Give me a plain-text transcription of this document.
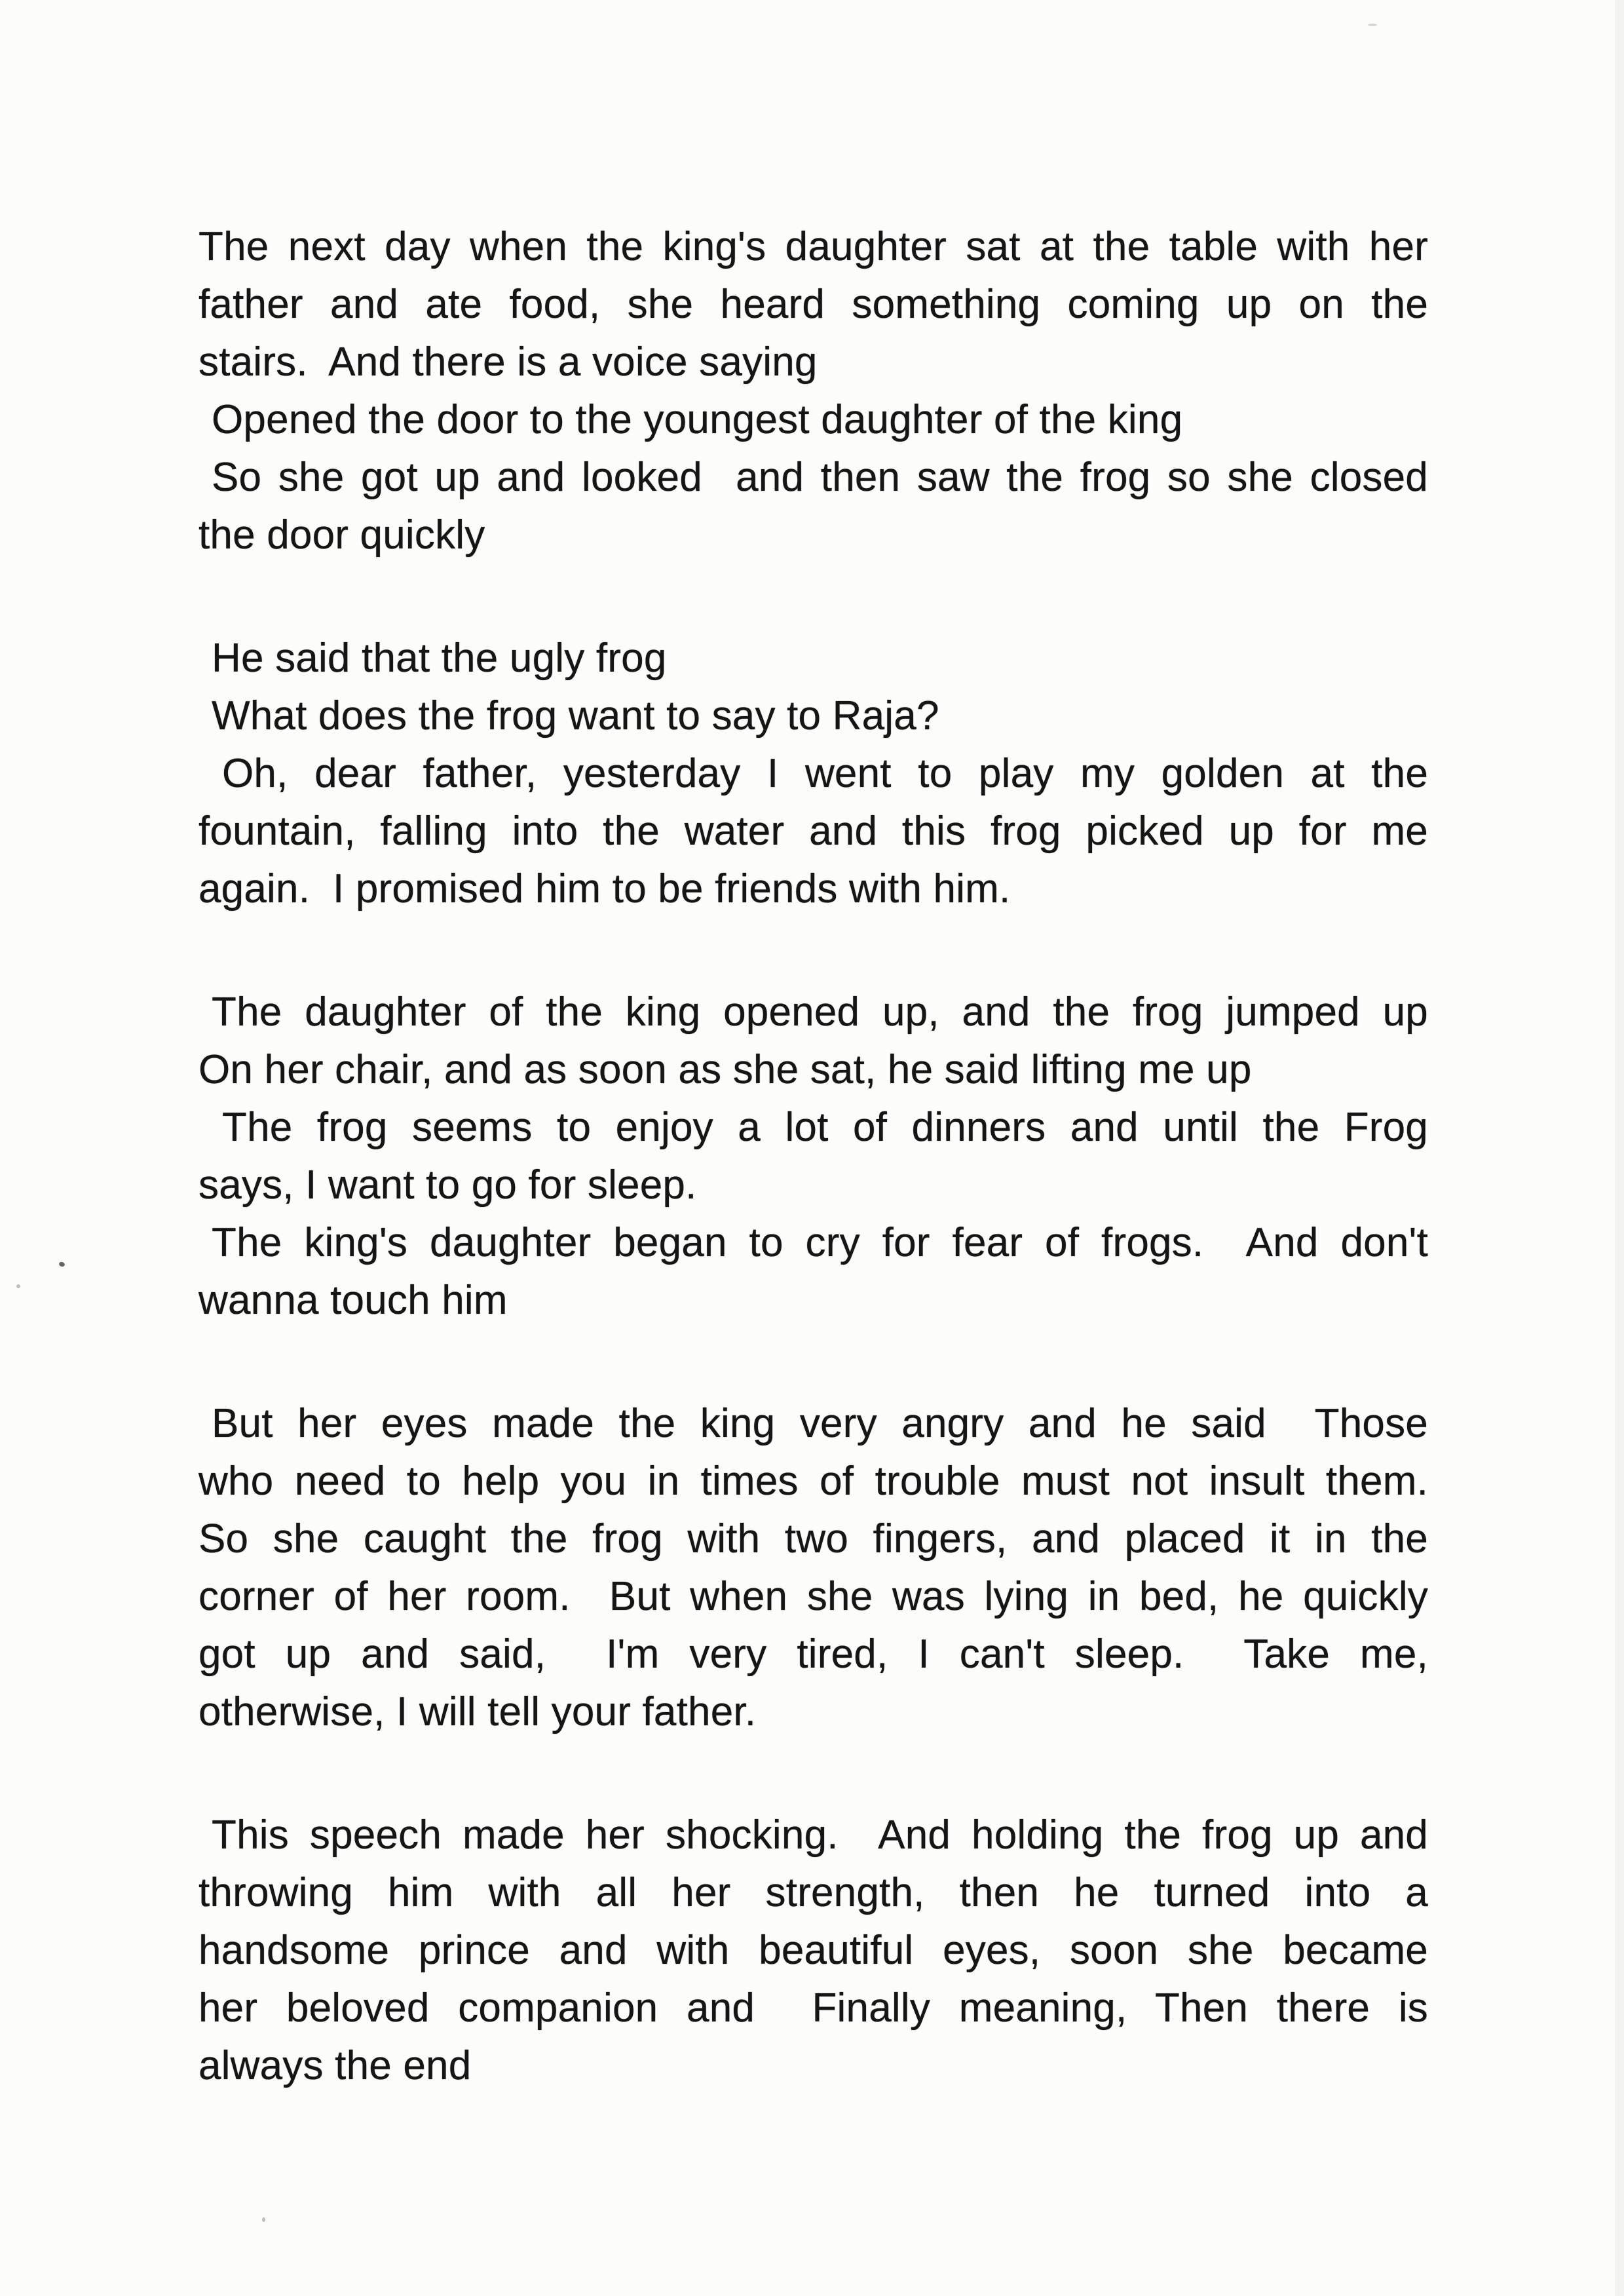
The next day when the king's daughter sat at the table with her
father and ate food, she heard something coming up on the
stairs.  And there is a voice saying
Opened the door to the youngest daughter of the king
So she got up and looked  and then saw the frog so she closed
the door quickly
He said that the ugly frog
What does the frog want to say to Raja?
Oh, dear father, yesterday I went to play my golden at the
fountain, falling into the water and this frog picked up for me
again.  I promised him to be friends with him.
The daughter of the king opened up, and the frog jumped up
On her chair, and as soon as she sat, he said lifting me up
The frog seems to enjoy a lot of dinners and until the Frog
says, I want to go for sleep.
The king's daughter began to cry for fear of frogs.  And don't
wanna touch him
But her eyes made the king very angry and he said  Those
who need to help you in times of trouble must not insult them.
So she caught the frog with two fingers, and placed it in the
corner of her room.  But when she was lying in bed, he quickly
got up and said,  I'm very tired, I can't sleep.  Take me,
otherwise, I will tell your father.
This speech made her shocking.  And holding the frog up and
throwing him with all her strength, then he turned into a
handsome prince and with beautiful eyes, soon she became
her beloved companion and  Finally meaning, Then there is
always the end
